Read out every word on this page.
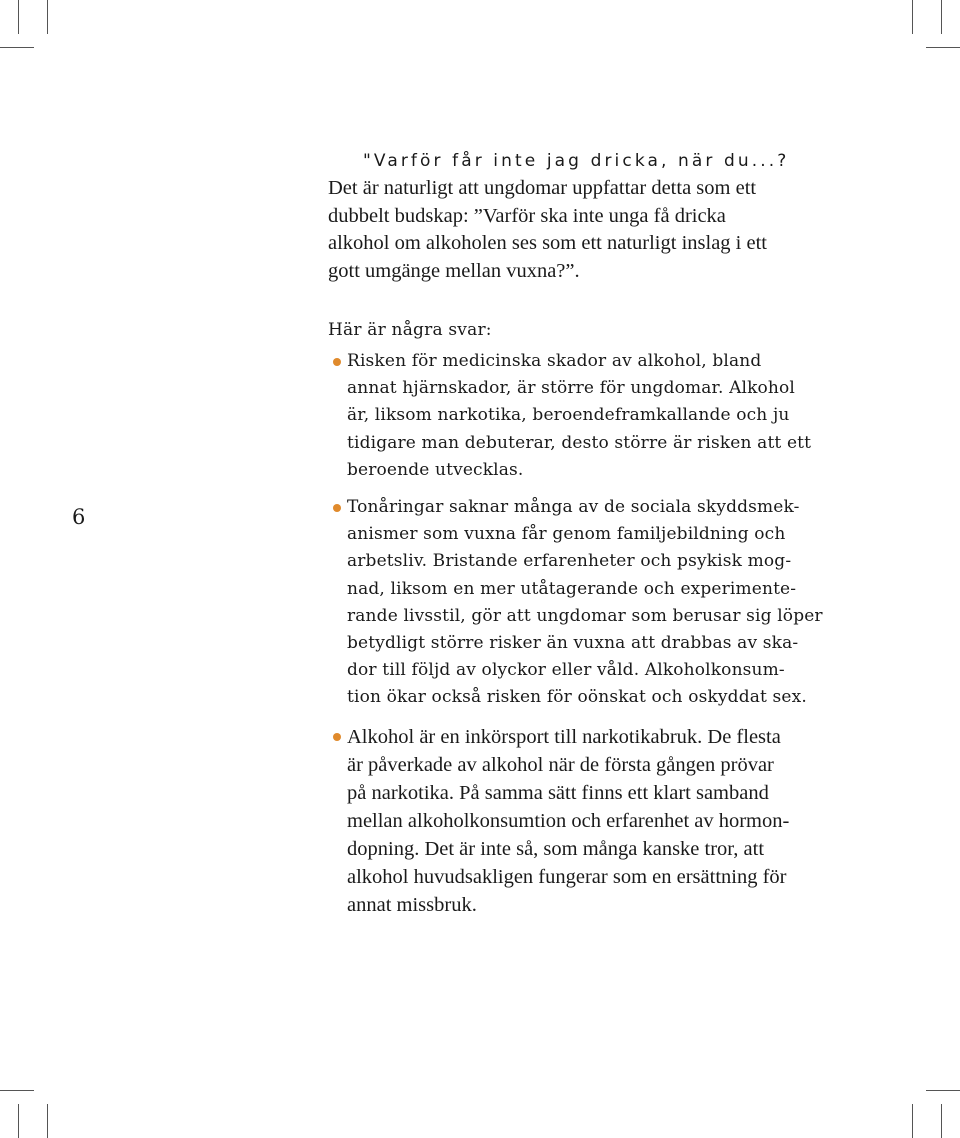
6
"Varför får inte jag dricka, när du...?

Det är naturligt att ungdomar uppfattar detta som ett
dubbelt budskap: ”Varför ska inte unga få dricka
alkohol om alkoholen ses som ett naturligt inslag i ett
gott umgänge mellan vuxna?”.

Här är några svar:

Risken för medicinska skador av alkohol, bland
annat hjärnskador, är större för ungdomar. Alkohol
är, liksom narkotika, beroendeframkallande och ju
tidigare man debuterar, desto större är risken att ett
beroende utvecklas.

Tonåringar saknar många av de sociala skyddsmek-
anismer som vuxna får genom familjebildning och
arbetsliv. Bristande erfarenheter och psykisk mog-
nad, liksom en mer utåtagerande och experimente-
rande livsstil, gör att ungdomar som berusar sig löper
betydligt större risker än vuxna att drabbas av ska-
dor till följd av olyckor eller våld. Alkoholkonsum-
tion ökar också risken för oönskat och oskyddat sex.

Alkohol är en inkörsport till narkotikabruk. De flesta
är påverkade av alkohol när de första gången prövar
på narkotika. På samma sätt finns ett klart samband
mellan alkoholkonsumtion och erfarenhet av hormon-
dopning. Det är inte så, som många kanske tror, att
alkohol huvudsakligen fungerar som en ersättning för
annat missbruk.
